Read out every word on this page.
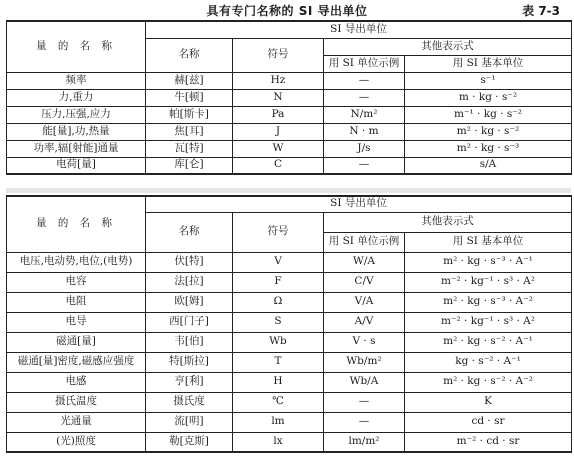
具有专门名称的 SI 导出单位	表 7-3
量 的 名 称	SI 导出单位			
	名称	符号	其他表示式	
			用 SI 单位示例	用 SI 基本单位
频率	赫[兹]	Hz	—	s⁻¹
力,重力	牛[顿]	N	—	m · kg · s⁻²
压力,压强,应力	帕[斯卡]	Pa	N/m²	m⁻¹ · kg · s⁻²
能[量],功,热量	焦[耳]	J	N · m	m² · kg · s⁻²
功率,辐[射能]通量	瓦[特]	W	J/s	m² · kg · s⁻³
电荷[量]	库[仑]	C	—	s/A
量 的 名 称	SI 导出单位			
	名称	符号	其他表示式	
			用 SI 单位示例	用 SI 基本单位
电压,电动势,电位,(电势)	伏[特]	V	W/A	m² · kg · s⁻³ · A⁻¹
电容	法[拉]	F	C/V	m⁻² · kg⁻¹ · s³ · A²
电阻	欧[姆]	Ω	V/A	m² · kg · s⁻³ · A⁻²
电导	西[门子]	S	A/V	m⁻² · kg⁻¹ · s³ · A²
磁通[量]	韦[伯]	Wb	V · s	m² · kg · s⁻² · A⁻¹
磁通[量]密度,磁感应强度	特[斯拉]	T	Wb/m²	kg · s⁻² · A⁻¹
电感	亨[利]	H	Wb/A	m² · kg · s⁻² · A⁻²
摄氏温度	摄氏度	℃	—	K
光通量	流[明]	lm	—	cd · sr
(光)照度	勒[克斯]	lx	lm/m²	m⁻² · cd · sr
